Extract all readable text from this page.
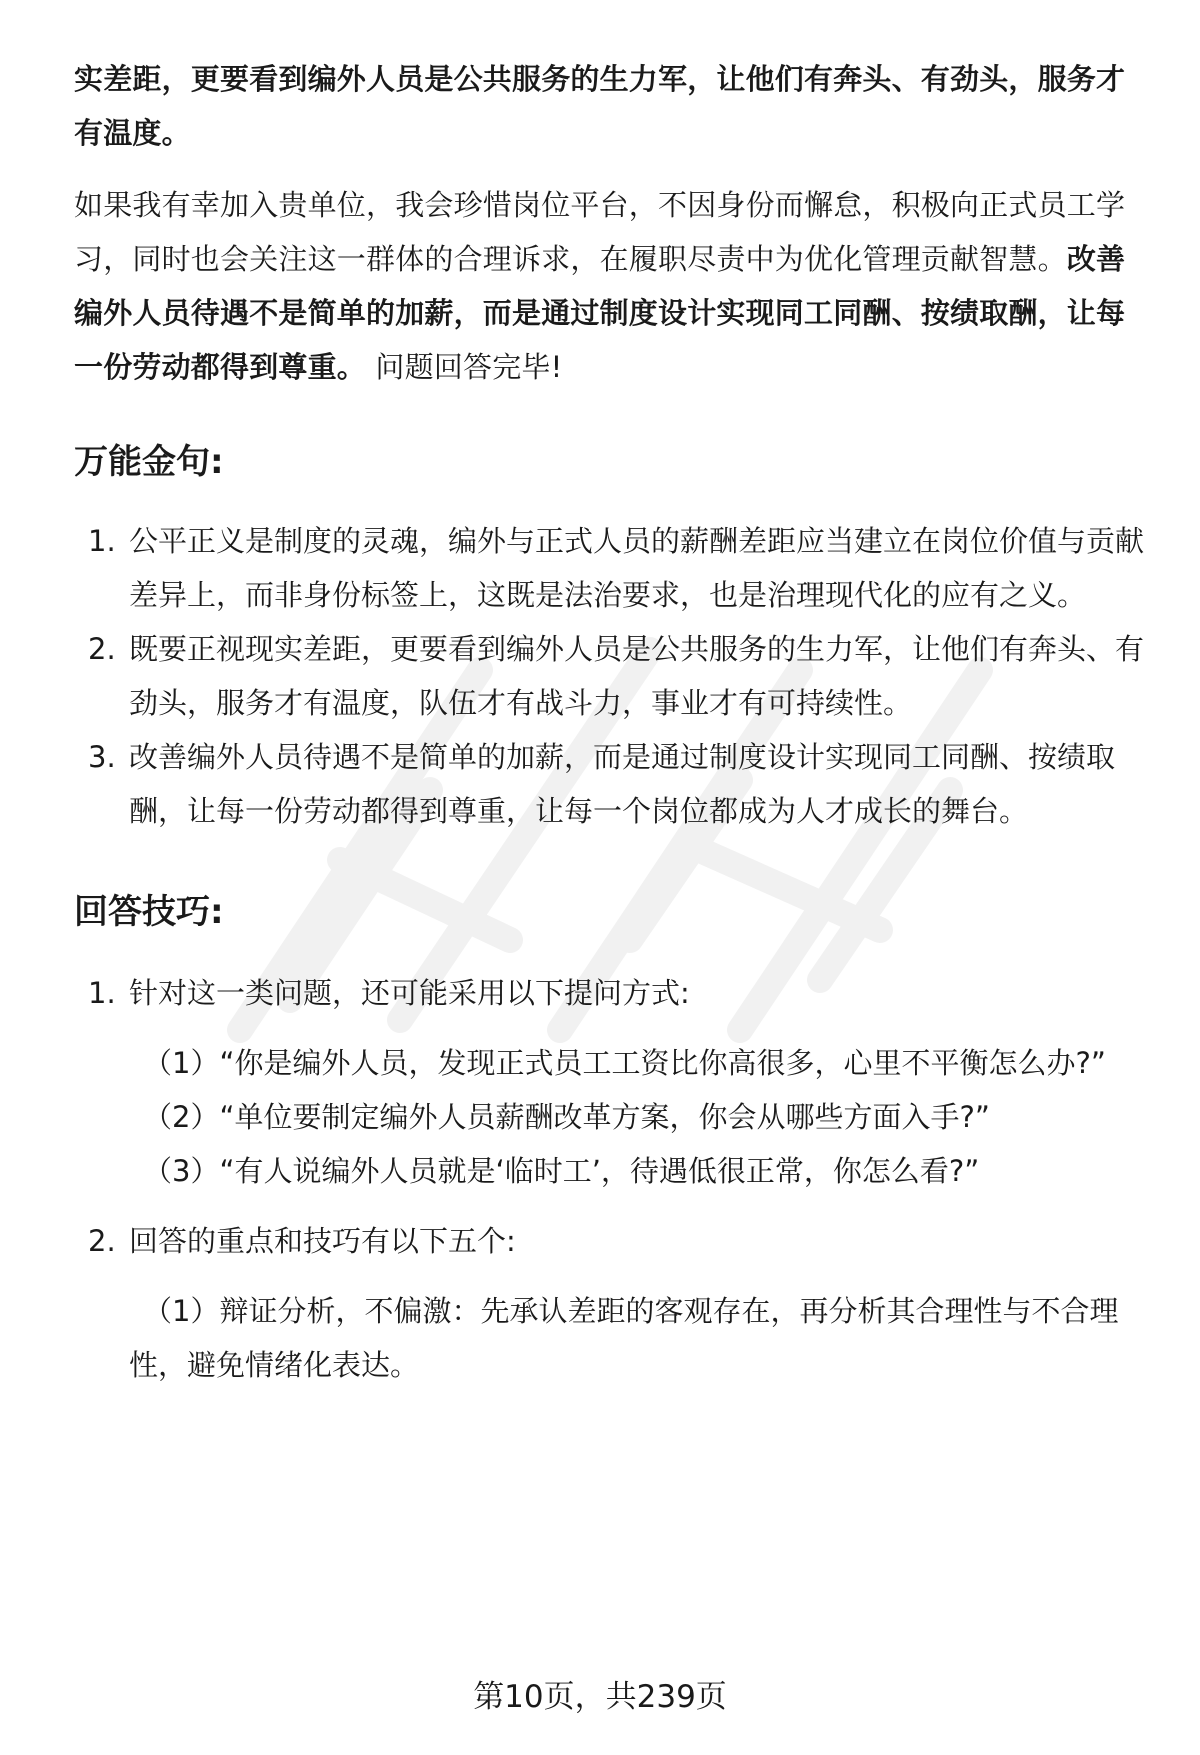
实差距，更要看到编外人员是公共服务的生力军，让他们有奔头、有劲头，服务才有温度。

如果我有幸加入贵单位，我会珍惜岗位平台，不因身份而懈怠，积极向正式员工学习，同时也会关注这一群体的合理诉求，在履职尽责中为优化管理贡献智慧。改善编外人员待遇不是简单的加薪，而是通过制度设计实现同工同酬、按绩取酬，让每一份劳动都得到尊重。 问题回答完毕!

万能金句:
1. 公平正义是制度的灵魂，编外与正式人员的薪酬差距应当建立在岗位价值与贡献差异上，而非身份标签上，这既是法治要求，也是治理现代化的应有之义。
2. 既要正视现实差距，更要看到编外人员是公共服务的生力军，让他们有奔头、有劲头，服务才有温度，队伍才有战斗力，事业才有可持续性。
3. 改善编外人员待遇不是简单的加薪，而是通过制度设计实现同工同酬、按绩取酬，让每一份劳动都得到尊重，让每一个岗位都成为人才成长的舞台。
回答技巧:
1. 针对这一类问题，还可能采用以下提问方式:
（1）“你是编外人员，发现正式员工工资比你高很多，心里不平衡怎么办?”
（2）“单位要制定编外人员薪酬改革方案，你会从哪些方面入手?”
（3）“有人说编外人员就是‘临时工’，待遇低很正常，你怎么看?”
2. 回答的重点和技巧有以下五个:
（1）辩证分析，不偏激：先承认差距的客观存在，再分析其合理性与不合理性，避免情绪化表达。
第10页，共239页
